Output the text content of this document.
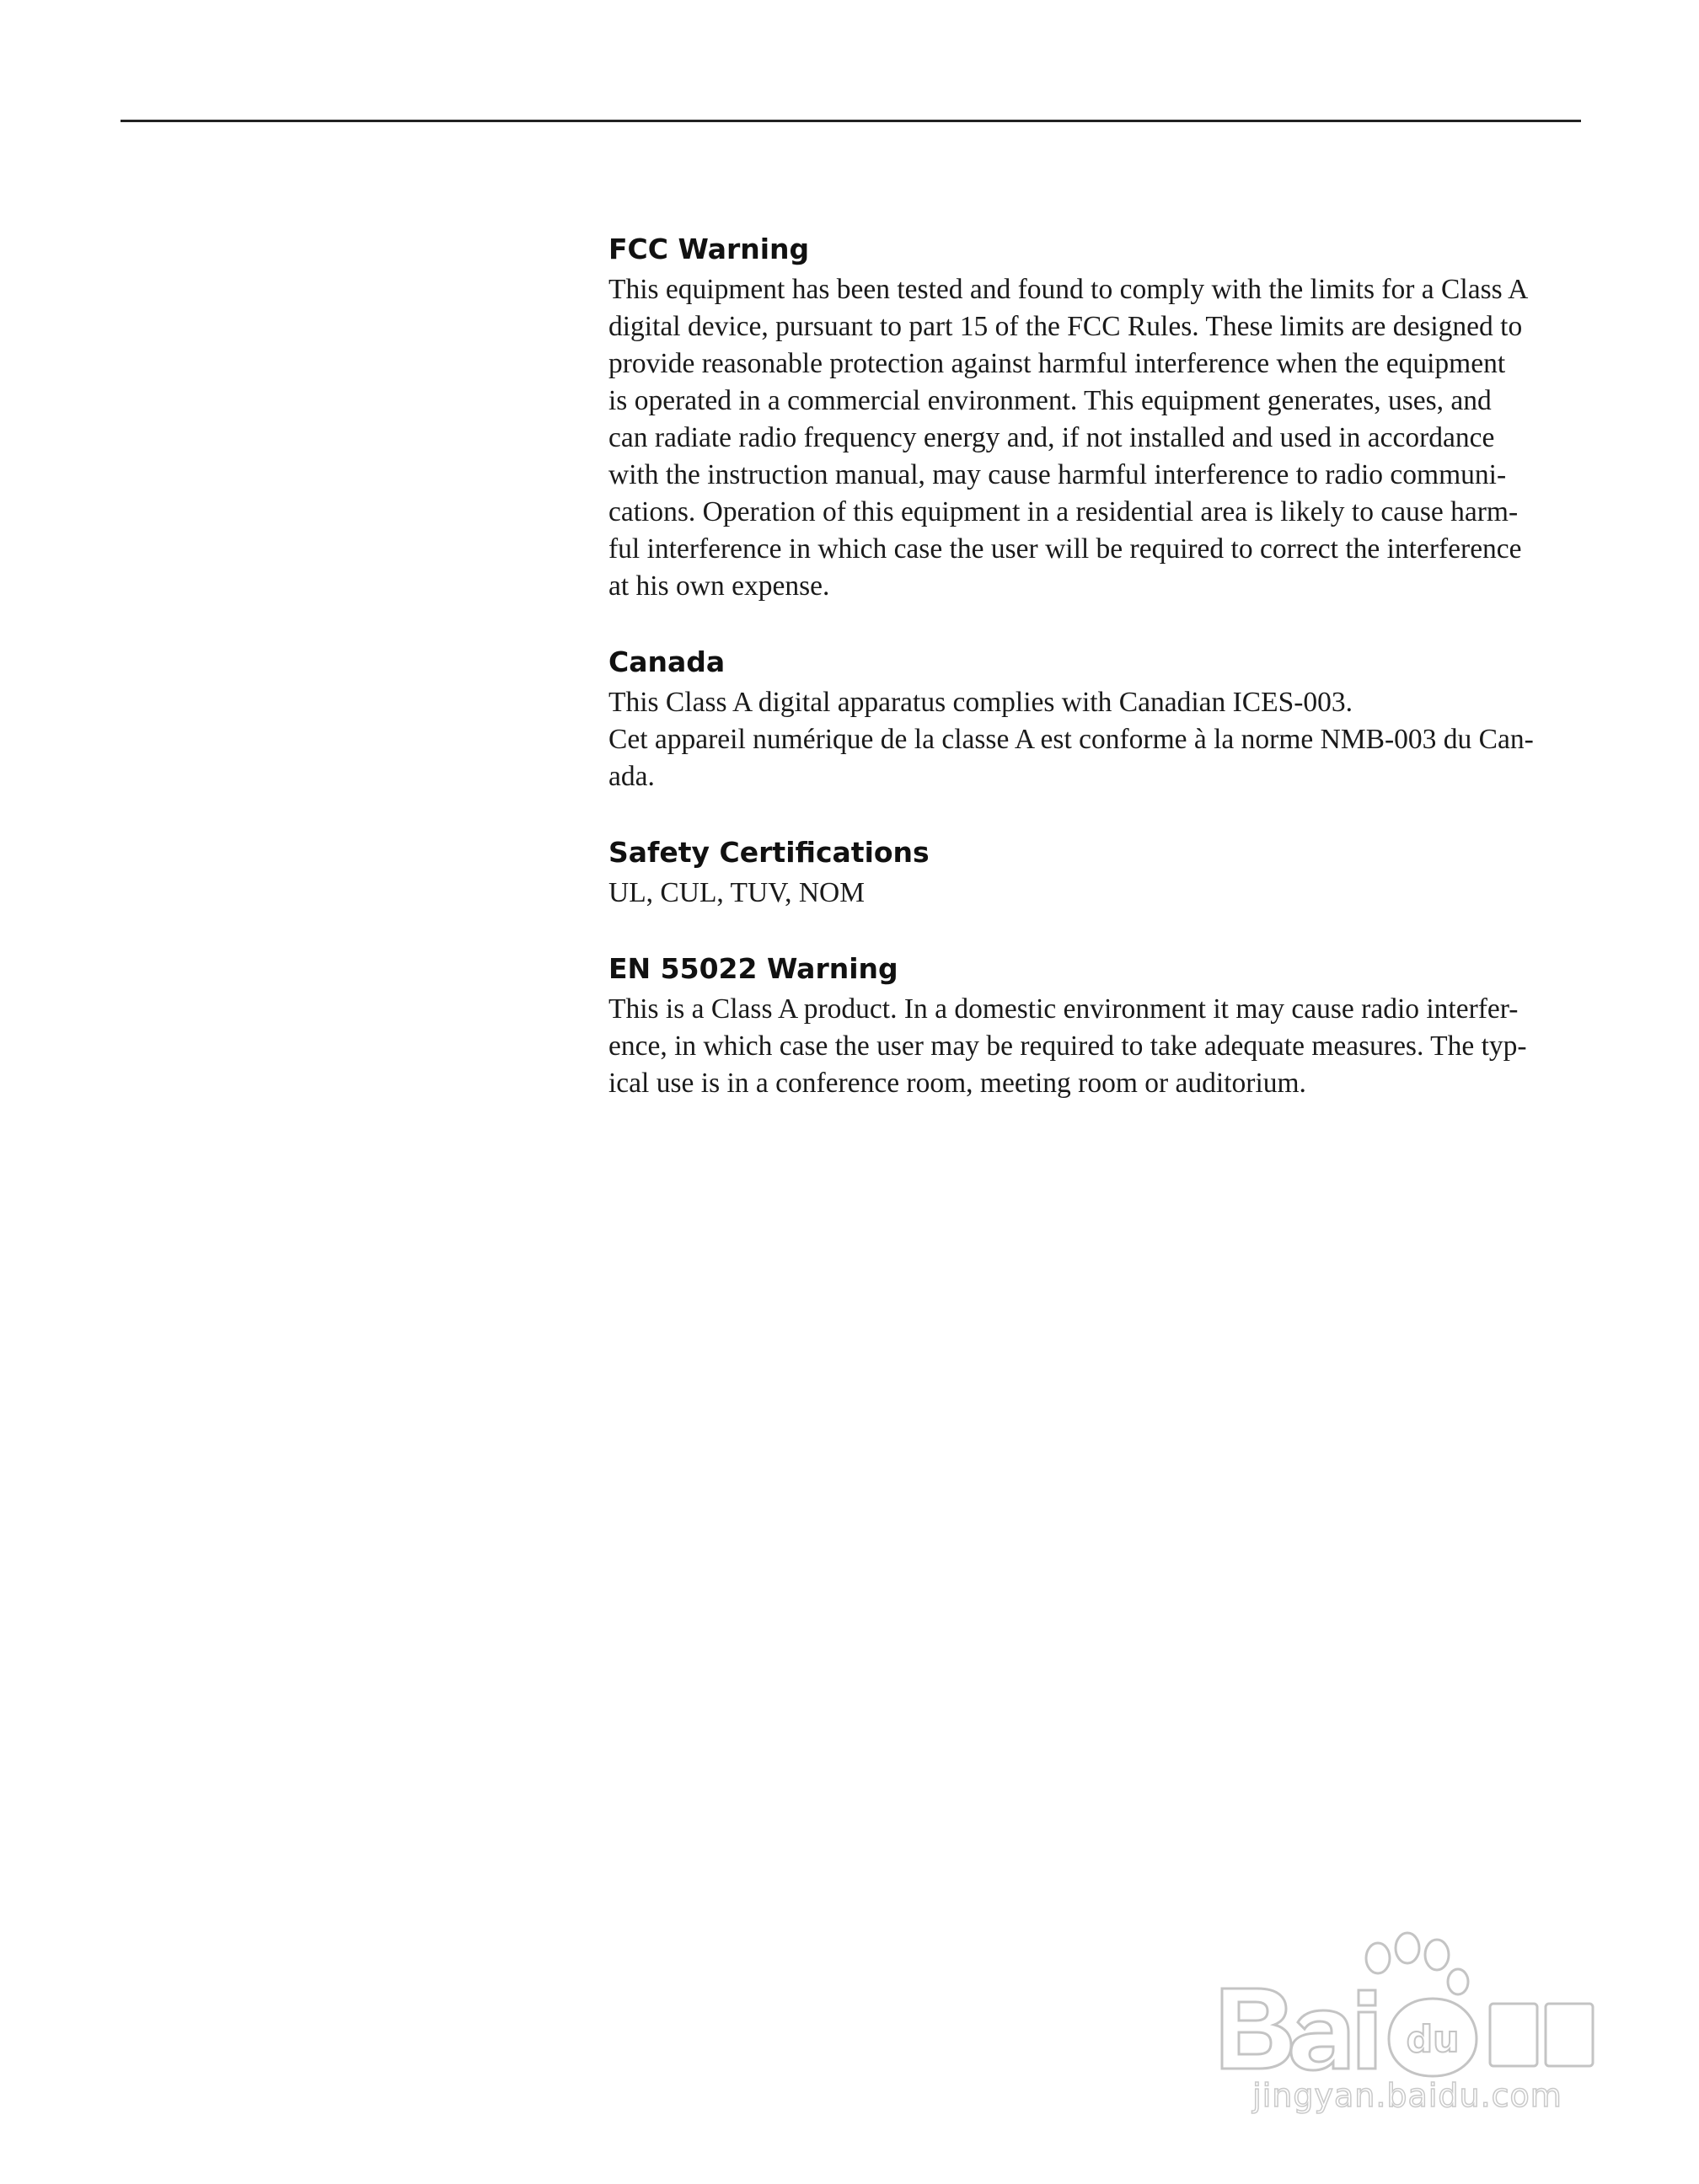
FCC Warning

This equipment has been tested and found to comply with the limits for a Class A

digital device, pursuant to part 15 of the FCC Rules. These limits are designed to

provide reasonable protection against harmful interference when the equipment

is operated in a commercial environment. This equipment generates, uses, and

can radiate radio frequency energy and, if not installed and used in accordance

with the instruction manual, may cause harmful interference to radio communi-

cations. Operation of this equipment in a residential area is likely to cause harm-

ful interference in which case the user will be required to correct the interference

at his own expense.

Canada

This Class A digital apparatus complies with Canadian ICES-003.

Cet appareil numérique de la classe A est conforme à la norme NMB-003 du Can-

ada.

Safety Certifications

UL, CUL, TUV, NOM

EN 55022 Warning

This is a Class A product. In a domestic environment it may cause radio interfer-

ence, in which case the user may be required to take adequate measures. The typ-

ical use is in a conference room, meeting room or auditorium.

du
jingyan.baidu.com
